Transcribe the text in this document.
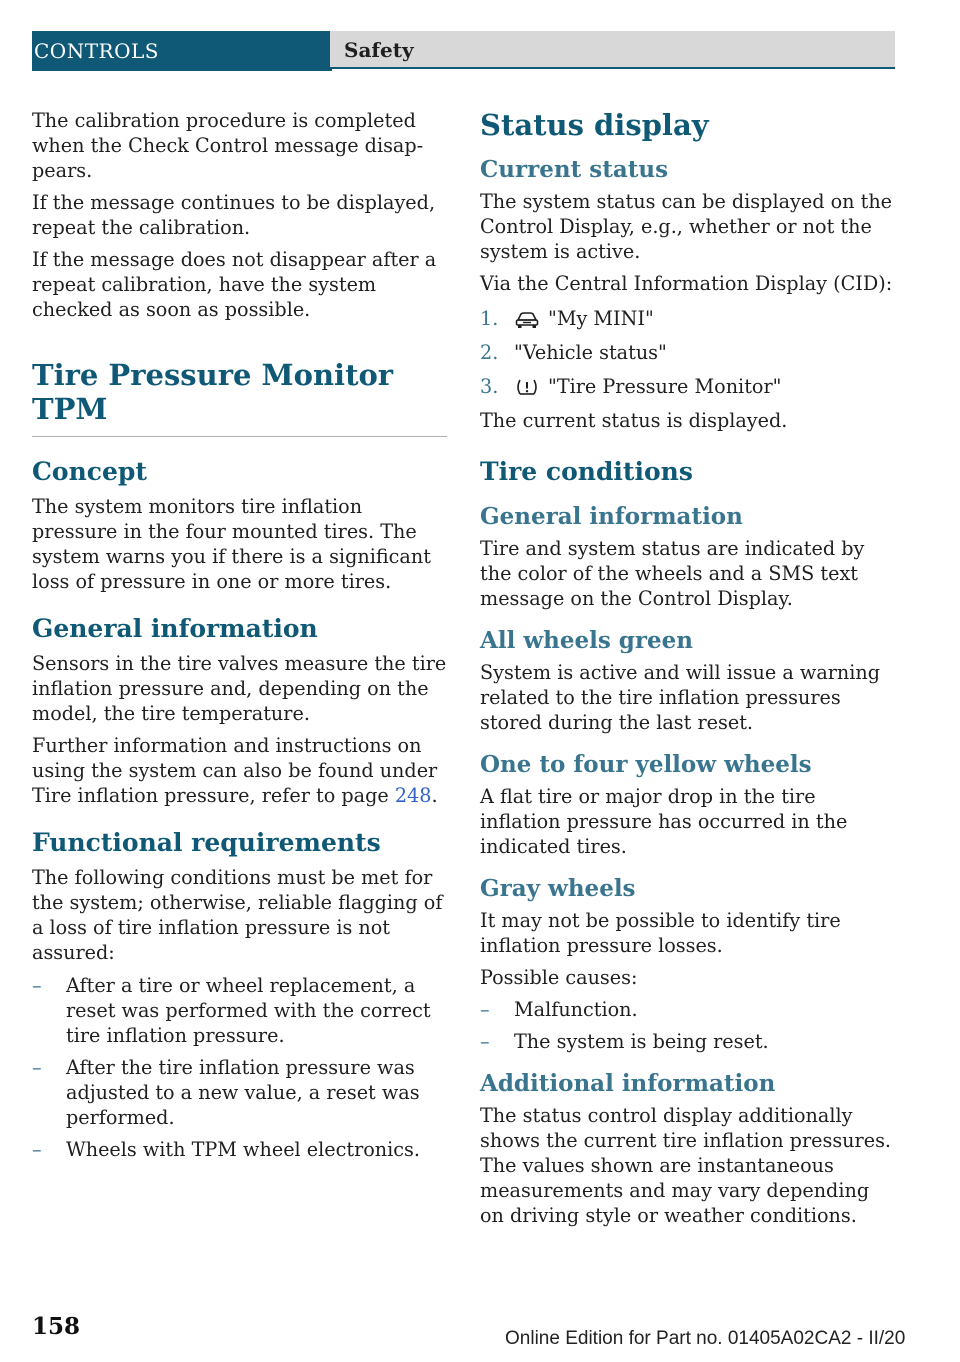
CONTROLS	Safety

The calibration procedure is completed when the Check Control message disappears.

If the message continues to be displayed, repeat the calibration.

If the message does not disappear after a repeat calibration, have the system checked as soon as possible.

Tire Pressure Monitor TPM
Concept

The system monitors tire inflation pressure in the four mounted tires. The system warns you if there is a significant loss of pressure in one or more tires.

General information

Sensors in the tire valves measure the tire inflation pressure and, depending on the model, the tire temperature.

Further information and instructions on using the system can also be found under Tire inflation pressure, refer to page 248.

Functional requirements

The following conditions must be met for the system; otherwise, reliable flagging of a loss of tire inflation pressure is not assured:

– After a tire or wheel replacement, a reset was performed with the correct tire inflation pressure.
– After the tire inflation pressure was adjusted to a new value, a reset was performed.
– Wheels with TPM wheel electronics.
Status display
Current status

The system status can be displayed on the Control Display, e.g., whether or not the system is active.

Via the Central Information Display (CID):

1.	"My MINI"
2. "Vehicle status"
3.	"Tire Pressure Monitor"

The current status is displayed.

Tire conditions
General information

Tire and system status are indicated by the color of the wheels and a SMS text message on the Control Display.

All wheels green

System is active and will issue a warning related to the tire inflation pressures stored during the last reset.

One to four yellow wheels

A flat tire or major drop in the tire inflation pressure has occurred in the indicated tires.

Gray wheels

It may not be possible to identify tire inflation pressure losses.

Possible causes:

– Malfunction.
– The system is being reset.
Additional information

The status control display additionally shows the current tire inflation pressures. The values shown are instantaneous measurements and may vary depending on driving style or weather conditions.

158	Online Edition for Part no. 01405A02CA2 - II/20
